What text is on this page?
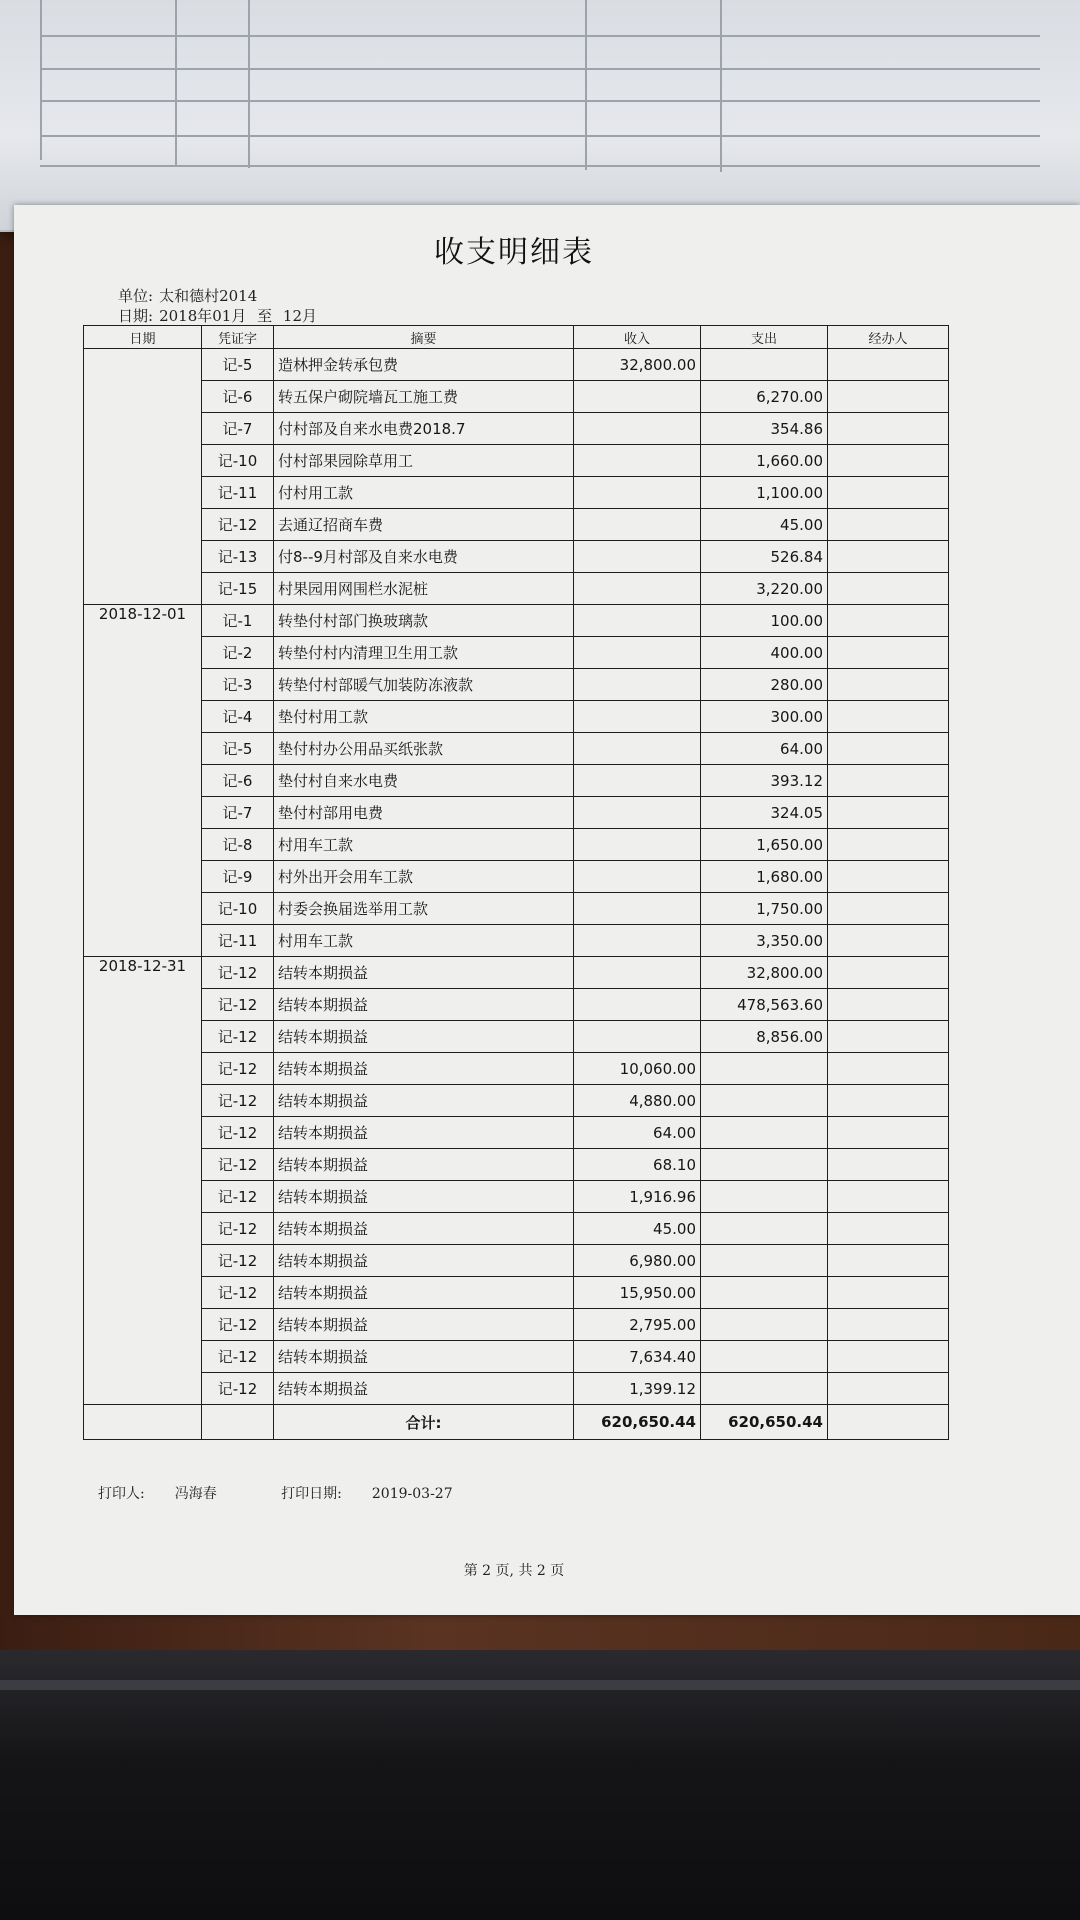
收支明细表
单位: 太和德村2014
日期: 2018年01月 至 12月
日期	凭证字	摘要	收入	支出	经办人
	记-5	造林押金转承包费	32,800.00		
	记-6	转五保户砌院墙瓦工施工费		6,270.00	
	记-7	付村部及自来水电费2018.7		354.86	
	记-10	付村部果园除草用工		1,660.00	
	记-11	付村用工款		1,100.00	
	记-12	去通辽招商车费		45.00	
	记-13	付8--9月村部及自来水电费		526.84	
	记-15	村果园用网围栏水泥桩		3,220.00	
2018-12-01	记-1	转垫付村部门换玻璃款		100.00	
	记-2	转垫付村内清理卫生用工款		400.00	
	记-3	转垫付村部暖气加装防冻液款		280.00	
	记-4	垫付村用工款		300.00	
	记-5	垫付村办公用品买纸张款		64.00	
	记-6	垫付村自来水电费		393.12	
	记-7	垫付村部用电费		324.05	
	记-8	村用车工款		1,650.00	
	记-9	村外出开会用车工款		1,680.00	
	记-10	村委会换届选举用工款		1,750.00	
	记-11	村用车工款		3,350.00	
2018-12-31	记-12	结转本期损益		32,800.00	
	记-12	结转本期损益		478,563.60	
	记-12	结转本期损益		8,856.00	
	记-12	结转本期损益	10,060.00		
	记-12	结转本期损益	4,880.00		
	记-12	结转本期损益	64.00		
	记-12	结转本期损益	68.10		
	记-12	结转本期损益	1,916.96		
	记-12	结转本期损益	45.00		
	记-12	结转本期损益	6,980.00		
	记-12	结转本期损益	15,950.00		
	记-12	结转本期损益	2,795.00		
	记-12	结转本期损益	7,634.40		
	记-12	结转本期损益	1,399.12		
		合计:	620,650.44	620,650.44	
打印人: 冯海春	打印日期: 2019-03-27
第 2 页, 共 2 页
